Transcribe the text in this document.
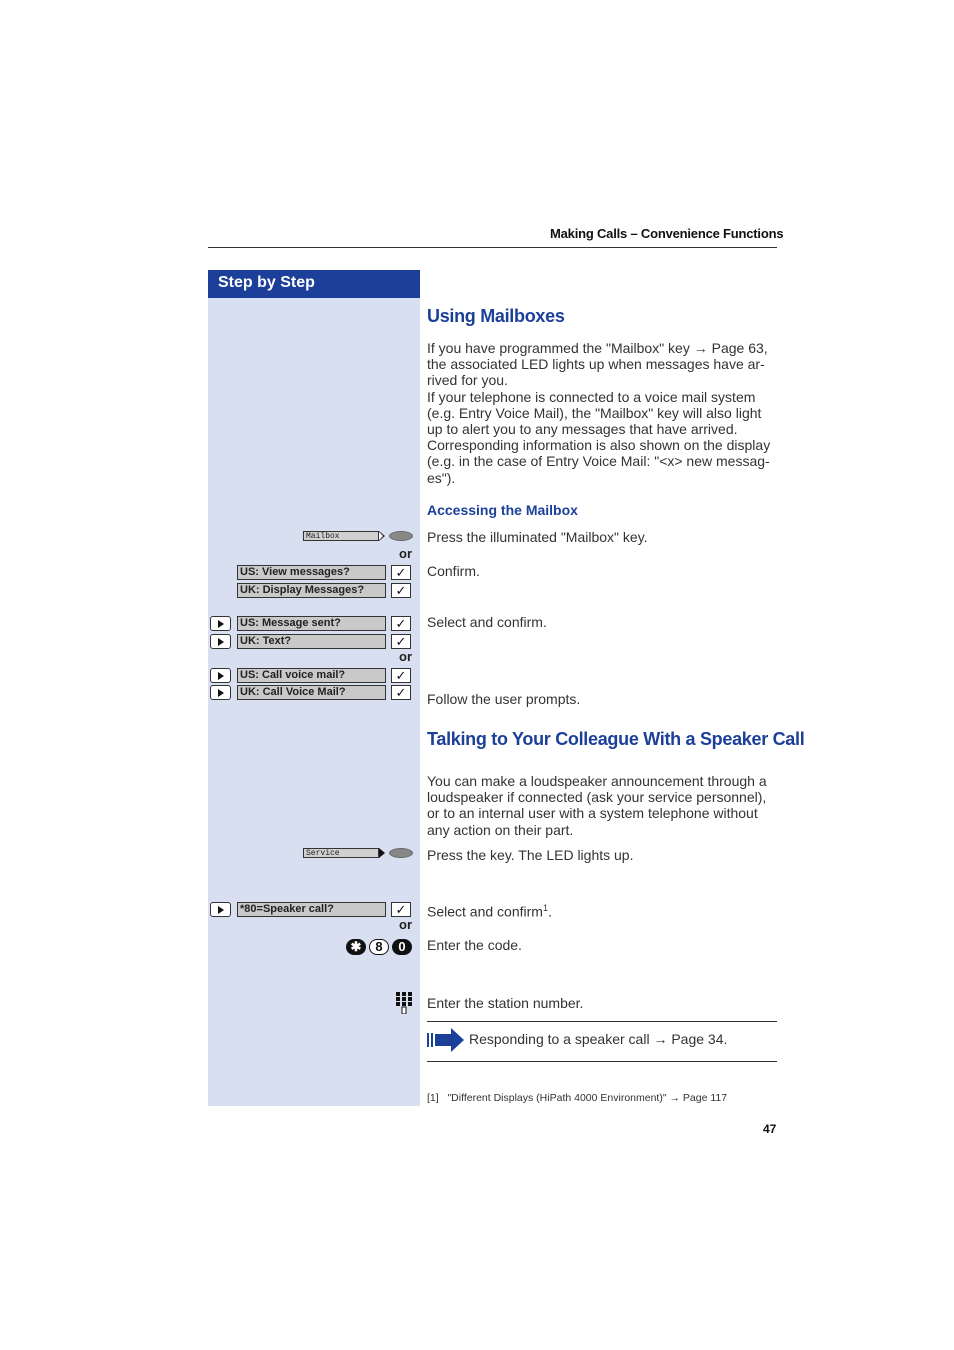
Making Calls – Convenience Functions
Step by Step
Using Mailboxes
If you have programmed the "Mailbox" key → Page 63,
the associated LED lights up when messages have ar-
rived for you.
If your telephone is connected to a voice mail system
(e.g. Entry Voice Mail), the "Mailbox" key will also light
up to alert you to any messages that have arrived.
Corresponding information is also shown on the display
(e.g. in the case of Entry Voice Mail: "<x> new messag-
es").
Accessing the Mailbox
Mailbox	Press the illuminated "Mailbox" key.
or
US: View messages?	✓
UK: Display Messages?	✓
Confirm.
US: Message sent?	✓
UK: Text?	✓
Select and confirm.
or
US: Call voice mail?	✓
UK: Call Voice Mail?	✓	Follow the user prompts.
Talking to Your Colleague With a Speaker Call
You can make a loudspeaker announcement through a
loudspeaker if connected (ask your service personnel),
or to an internal user with a system telephone without
any action on their part.
Service	Press the key. The LED lights up.
*80=Speaker call?	✓	Select and confirm$^1$.
or
✱	8	0	Enter the code.
Enter the station number.
Responding to a speaker call → Page 34.
[1] "Different Displays (HiPath 4000 Environment)" → Page 117
47
